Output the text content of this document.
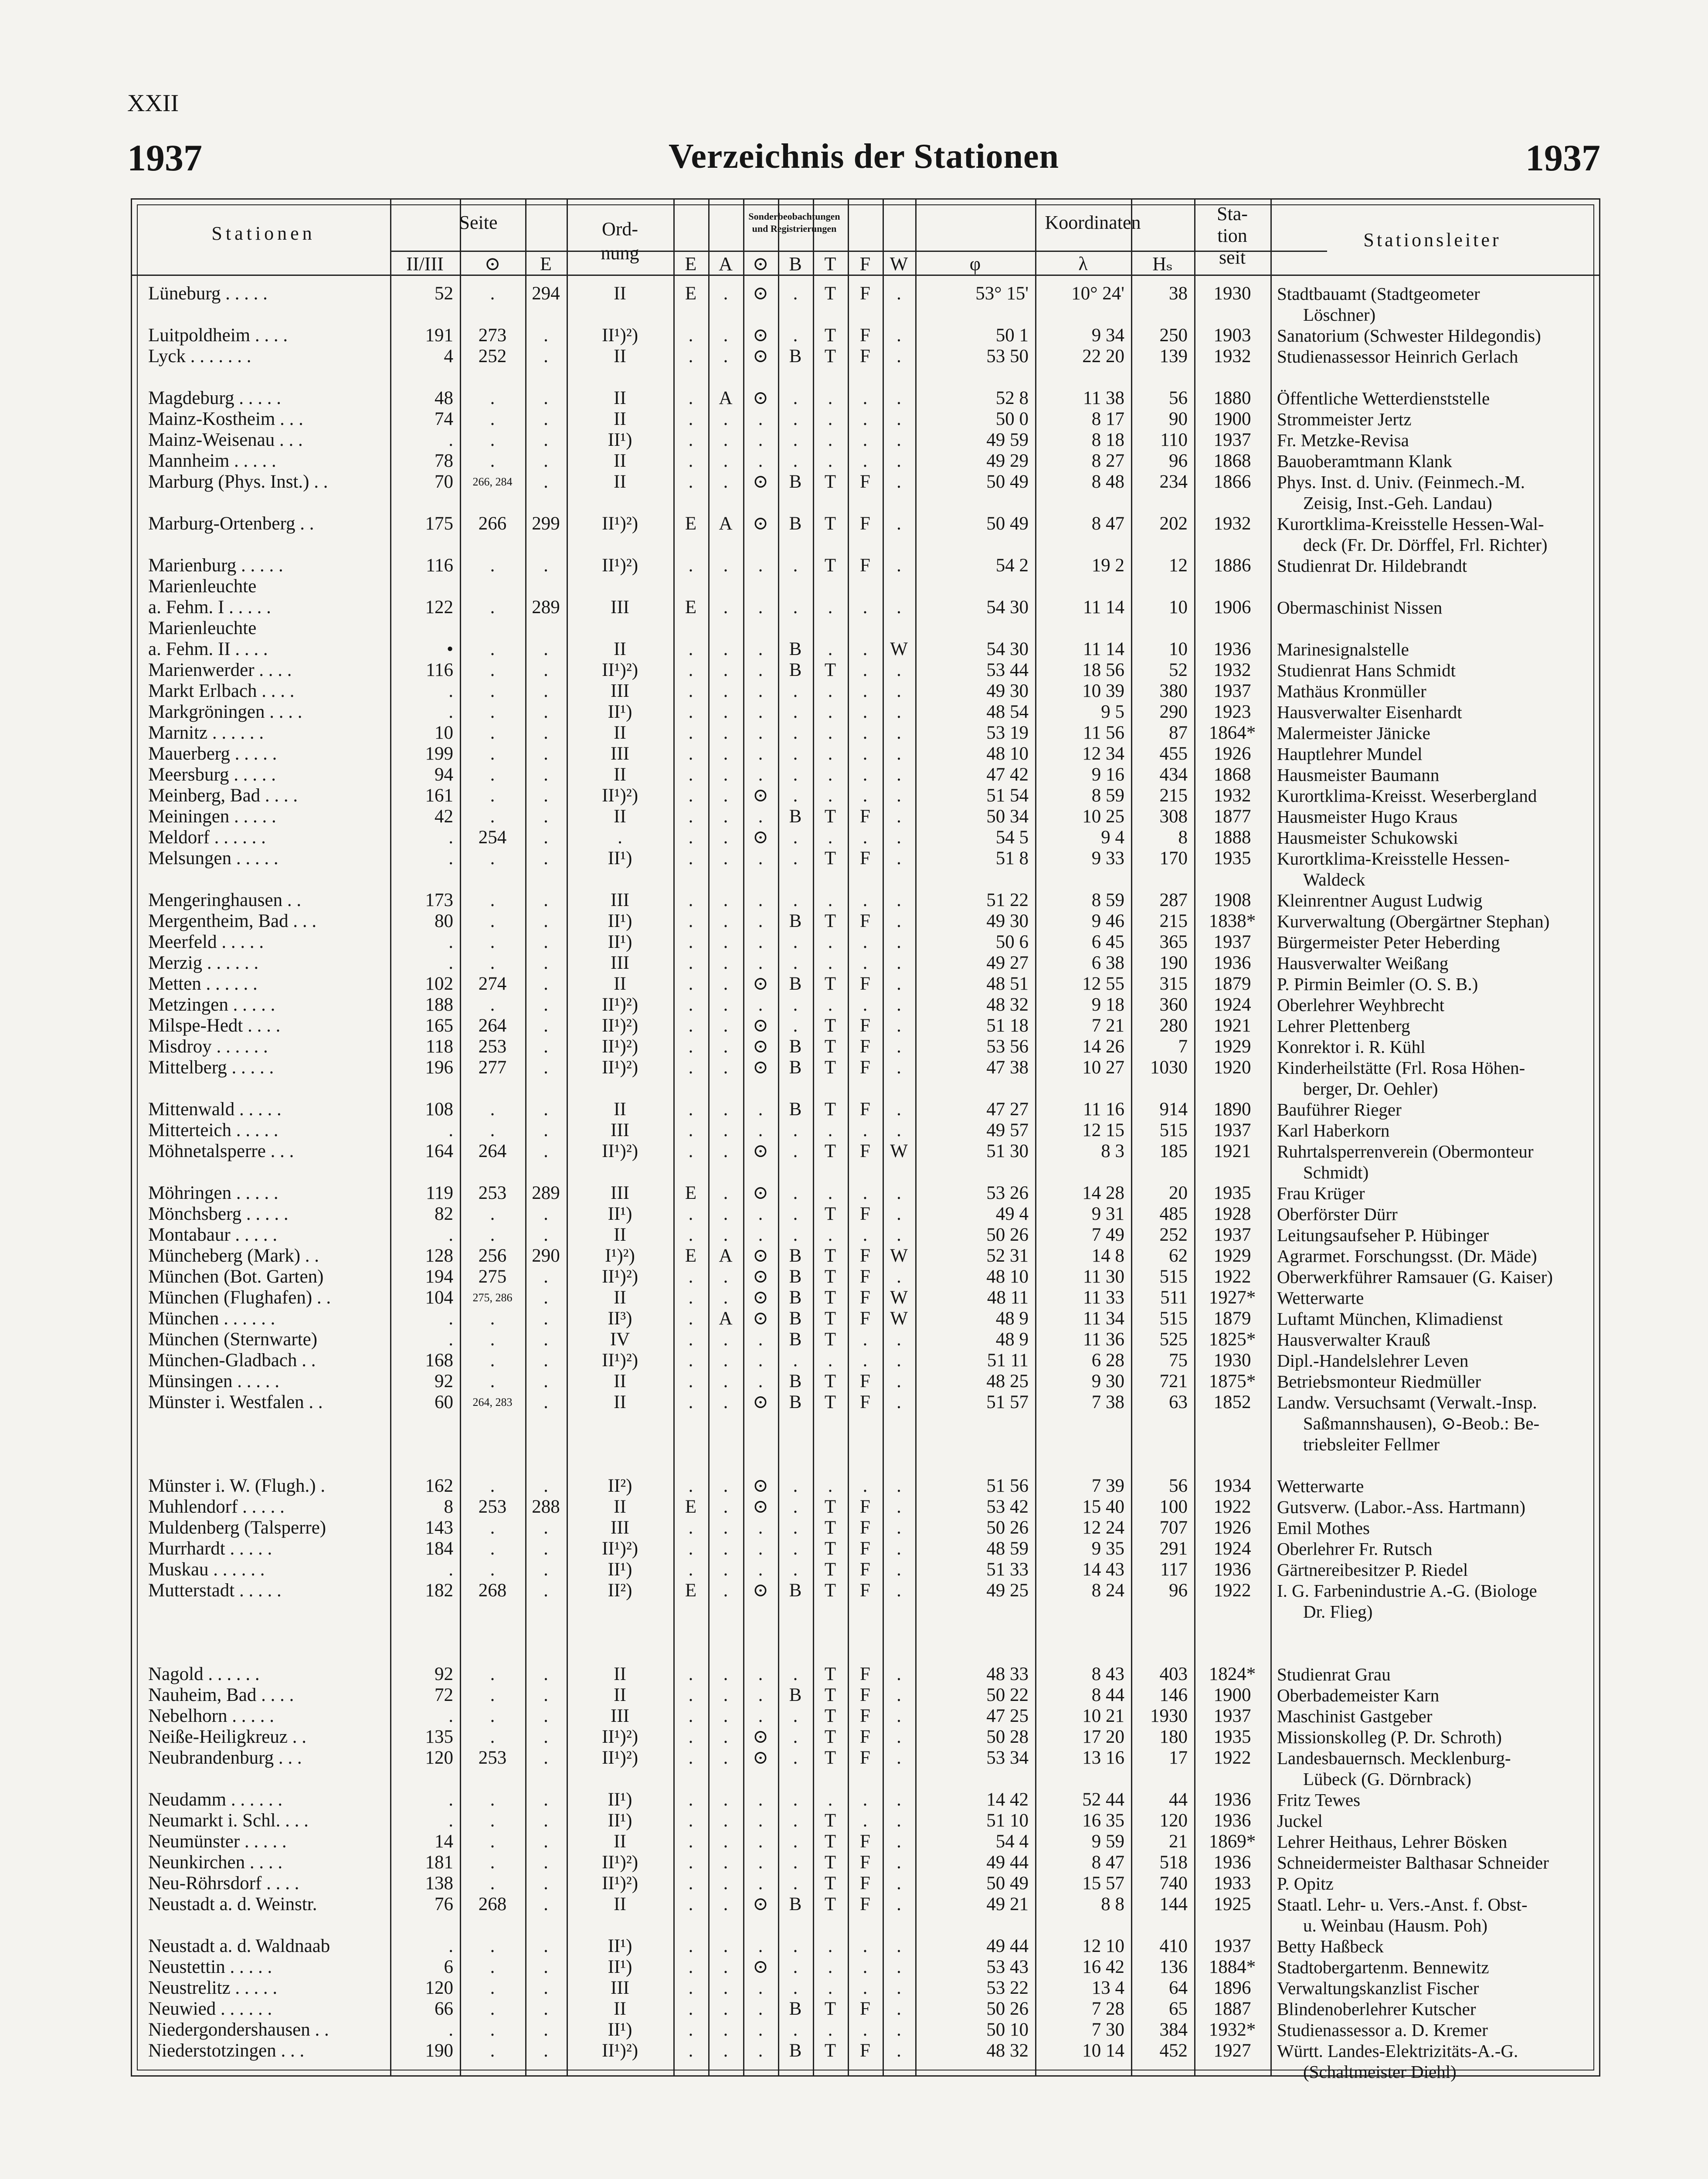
XXII
1937	Verzeichnis der Stationen	1937
Stationen
Seite
II/III	⊙	E
Ord-
nung
Sonderbeobachtungen
und Registrierungen
E	A	⊙	B	T	F	W
Koordinaten
φ	λ	Hₛ
Sta-
tion
seit
Stationsleiter
Lüneburg . . . . .	52	.	294	II	E	.	⊙	.	T	F	.	53° 15'	10° 24'	38	1930	Stadtbauamt (Stadtgeometer
Löschner)
Luitpoldheim . . . .	191	273	.	II¹)²)	.	.	⊙	.	T	F	.	50 1	9 34	250	1903	Sanatorium (Schwester Hildegondis)
Lyck . . . . . . .	4	252	.	II	.	.	⊙	B	T	F	.	53 50	22 20	139	1932	Studienassessor Heinrich Gerlach
Magdeburg . . . . .	48	.	.	II	.	A	⊙	.	.	.	.	52 8	11 38	56	1880	Öffentliche Wetterdienststelle
Mainz-Kostheim . . .	74	.	.	II	.	.	.	.	.	.	.	50 0	8 17	90	1900	Strommeister Jertz
Mainz-Weisenau . . .	.	.	.	II¹)	.	.	.	.	.	.	.	49 59	8 18	110	1937	Fr. Metzke-Revisa
Mannheim . . . . .	78	.	.	II	.	.	.	.	.	.	.	49 29	8 27	96	1868	Bauoberamtmann Klank
Marburg (Phys. Inst.) . .	70	266, 284	.	II	.	.	⊙	B	T	F	.	50 49	8 48	234	1866	Phys. Inst. d. Univ. (Feinmech.-M.
Zeisig, Inst.-Geh. Landau)
Marburg-Ortenberg . .	175	266	299	II¹)²)	E	A	⊙	B	T	F	.	50 49	8 47	202	1932	Kurortklima-Kreisstelle Hessen-Wal-
deck (Fr. Dr. Dörffel, Frl. Richter)
Marienburg . . . . .	116	.	.	II¹)²)	.	.	.	.	T	F	.	54 2	19 2	12	1886	Studienrat Dr. Hildebrandt
Marienleuchte
a. Fehm. I . . . . .	122	.	289	III	E	.	.	.	.	.	.	54 30	11 14	10	1906	Obermaschinist Nissen
Marienleuchte
a. Fehm. II . . . .	•	.	.	II	.	.	.	B	.	.	W	54 30	11 14	10	1936	Marinesignalstelle
Marienwerder . . . .	116	.	.	II¹)²)	.	.	.	B	T	.	.	53 44	18 56	52	1932	Studienrat Hans Schmidt
Markt Erlbach . . . .	.	.	.	III	.	.	.	.	.	.	.	49 30	10 39	380	1937	Mathäus Kronmüller
Markgröningen . . . .	.	.	.	II¹)	.	.	.	.	.	.	.	48 54	9 5	290	1923	Hausverwalter Eisenhardt
Marnitz . . . . . .	10	.	.	II	.	.	.	.	.	.	.	53 19	11 56	87	1864*	Malermeister Jänicke
Mauerberg . . . . .	199	.	.	III	.	.	.	.	.	.	.	48 10	12 34	455	1926	Hauptlehrer Mundel
Meersburg . . . . .	94	.	.	II	.	.	.	.	.	.	.	47 42	9 16	434	1868	Hausmeister Baumann
Meinberg, Bad . . . .	161	.	.	II¹)²)	.	.	⊙	.	.	.	.	51 54	8 59	215	1932	Kurortklima-Kreisst. Weserbergland
Meiningen . . . . .	42	.	.	II	.	.	.	B	T	F	.	50 34	10 25	308	1877	Hausmeister Hugo Kraus
Meldorf . . . . . .	.	254	.	.	.	.	⊙	.	.	.	.	54 5	9 4	8	1888	Hausmeister Schukowski
Melsungen . . . . .	.	.	.	II¹)	.	.	.	.	T	F	.	51 8	9 33	170	1935	Kurortklima-Kreisstelle Hessen-
Waldeck
Mengeringhausen . .	173	.	.	III	.	.	.	.	.	.	.	51 22	8 59	287	1908	Kleinrentner August Ludwig
Mergentheim, Bad . . .	80	.	.	II¹)	.	.	.	B	T	F	.	49 30	9 46	215	1838*	Kurverwaltung (Obergärtner Stephan)
Meerfeld . . . . .	.	.	.	II¹)	.	.	.	.	.	.	.	50 6	6 45	365	1937	Bürgermeister Peter Heberding
Merzig . . . . . .	.	.	.	III	.	.	.	.	.	.	.	49 27	6 38	190	1936	Hausverwalter Weißang
Metten . . . . . .	102	274	.	II	.	.	⊙	B	T	F	.	48 51	12 55	315	1879	P. Pirmin Beimler (O. S. B.)
Metzingen . . . . .	188	.	.	II¹)²)	.	.	.	.	.	.	.	48 32	9 18	360	1924	Oberlehrer Weyhbrecht
Milspe-Hedt . . . .	165	264	.	II¹)²)	.	.	⊙	.	T	F	.	51 18	7 21	280	1921	Lehrer Plettenberg
Misdroy . . . . . .	118	253	.	II¹)²)	.	.	⊙	B	T	F	.	53 56	14 26	7	1929	Konrektor i. R. Kühl
Mittelberg . . . . .	196	277	.	II¹)²)	.	.	⊙	B	T	F	.	47 38	10 27	1030	1920	Kinderheilstätte (Frl. Rosa Höhen-
berger, Dr. Oehler)
Mittenwald . . . . .	108	.	.	II	.	.	.	B	T	F	.	47 27	11 16	914	1890	Bauführer Rieger
Mitterteich . . . . .	.	.	.	III	.	.	.	.	.	.	.	49 57	12 15	515	1937	Karl Haberkorn
Möhnetalsperre . . .	164	264	.	II¹)²)	.	.	⊙	.	T	F	W	51 30	8 3	185	1921	Ruhrtalsperrenverein (Obermonteur
Schmidt)
Möhringen . . . . .	119	253	289	III	E	.	⊙	.	.	.	.	53 26	14 28	20	1935	Frau Krüger
Mönchsberg . . . . .	82	.	.	II¹)	.	.	.	.	T	F	.	49 4	9 31	485	1928	Oberförster Dürr
Montabaur . . . . .	.	.	.	II	.	.	.	.	.	.	.	50 26	7 49	252	1937	Leitungsaufseher P. Hübinger
Müncheberg (Mark) . .	128	256	290	I¹)²)	E	A	⊙	B	T	F	W	52 31	14 8	62	1929	Agrarmet. Forschungsst. (Dr. Mäde)
München (Bot. Garten)	194	275	.	II¹)²)	.	.	⊙	B	T	F	.	48 10	11 30	515	1922	Oberwerkführer Ramsauer (G. Kaiser)
München (Flughafen) . .	104	275, 286	.	II	.	.	⊙	B	T	F	W	48 11	11 33	511	1927*	Wetterwarte
München . . . . . .	.	.	.	II³)	.	A	⊙	B	T	F	W	48 9	11 34	515	1879	Luftamt München, Klimadienst
München (Sternwarte)	.	.	.	IV	.	.	.	B	T	.	.	48 9	11 36	525	1825*	Hausverwalter Krauß
München-Gladbach . .	168	.	.	II¹)²)	.	.	.	.	.	.	.	51 11	6 28	75	1930	Dipl.-Handelslehrer Leven
Münsingen . . . . .	92	.	.	II	.	.	.	B	T	F	.	48 25	9 30	721	1875*	Betriebsmonteur Riedmüller
Münster i. Westfalen . .	60	264, 283	.	II	.	.	⊙	B	T	F	.	51 57	7 38	63	1852	Landw. Versuchsamt (Verwalt.-Insp.
Saßmannshausen), ⊙-Beob.: Be-
triebsleiter Fellmer
Münster i. W. (Flugh.) .	162	.	.	II²)	.	.	⊙	.	.	.	.	51 56	7 39	56	1934	Wetterwarte
Muhlendorf . . . . .	8	253	288	II	E	.	⊙	.	T	F	.	53 42	15 40	100	1922	Gutsverw. (Labor.-Ass. Hartmann)
Muldenberg (Talsperre)	143	.	.	III	.	.	.	.	T	F	.	50 26	12 24	707	1926	Emil Mothes
Murrhardt . . . . .	184	.	.	II¹)²)	.	.	.	.	T	F	.	48 59	9 35	291	1924	Oberlehrer Fr. Rutsch
Muskau . . . . . .	.	.	.	II¹)	.	.	.	.	T	F	.	51 33	14 43	117	1936	Gärtnereibesitzer P. Riedel
Mutterstadt . . . . .	182	268	.	II²)	E	.	⊙	B	T	F	.	49 25	8 24	96	1922	I. G. Farbenindustrie A.-G. (Biologe
Dr. Flieg)
Nagold . . . . . .	92	.	.	II	.	.	.	.	T	F	.	48 33	8 43	403	1824*	Studienrat Grau
Nauheim, Bad . . . .	72	.	.	II	.	.	.	B	T	F	.	50 22	8 44	146	1900	Oberbademeister Karn
Nebelhorn . . . . .	.	.	.	III	.	.	.	.	T	F	.	47 25	10 21	1930	1937	Maschinist Gastgeber
Neiße-Heiligkreuz . .	135	.	.	II¹)²)	.	.	⊙	.	T	F	.	50 28	17 20	180	1935	Missionskolleg (P. Dr. Schroth)
Neubrandenburg . . .	120	253	.	II¹)²)	.	.	⊙	.	T	F	.	53 34	13 16	17	1922	Landesbauernsch. Mecklenburg-
Lübeck (G. Dörnbrack)
Neudamm . . . . . .	.	.	.	II¹)	.	.	.	.	.	.	.	14 42	52 44	44	1936	Fritz Tewes
Neumarkt i. Schl. . . .	.	.	.	II¹)	.	.	.	.	T	.	.	51 10	16 35	120	1936	Juckel
Neumünster . . . . .	14	.	.	II	.	.	.	.	T	F	.	54 4	9 59	21	1869*	Lehrer Heithaus, Lehrer Bösken
Neunkirchen . . . .	181	.	.	II¹)²)	.	.	.	.	T	F	.	49 44	8 47	518	1936	Schneidermeister Balthasar Schneider
Neu-Röhrsdorf . . . .	138	.	.	II¹)²)	.	.	.	.	T	F	.	50 49	15 57	740	1933	P. Opitz
Neustadt a. d. Weinstr.	76	268	.	II	.	.	⊙	B	T	F	.	49 21	8 8	144	1925	Staatl. Lehr- u. Vers.-Anst. f. Obst-
u. Weinbau (Hausm. Poh)
Neustadt a. d. Waldnaab	.	.	.	II¹)	.	.	.	.	.	.	.	49 44	12 10	410	1937	Betty Haßbeck
Neustettin . . . . .	6	.	.	II¹)	.	.	⊙	.	.	.	.	53 43	16 42	136	1884*	Stadtobergartenm. Bennewitz
Neustrelitz . . . . .	120	.	.	III	.	.	.	.	.	.	.	53 22	13 4	64	1896	Verwaltungskanzlist Fischer
Neuwied . . . . . .	66	.	.	II	.	.	.	B	T	F	.	50 26	7 28	65	1887	Blindenoberlehrer Kutscher
Niedergondershausen . .	.	.	.	II¹)	.	.	.	.	.	.	.	50 10	7 30	384	1932*	Studienassessor a. D. Kremer
Niederstotzingen . . .	190	.	.	II¹)²)	.	.	.	B	T	F	.	48 32	10 14	452	1927	Württ. Landes-Elektrizitäts-A.-G.
(Schaltmeister Diehl)
